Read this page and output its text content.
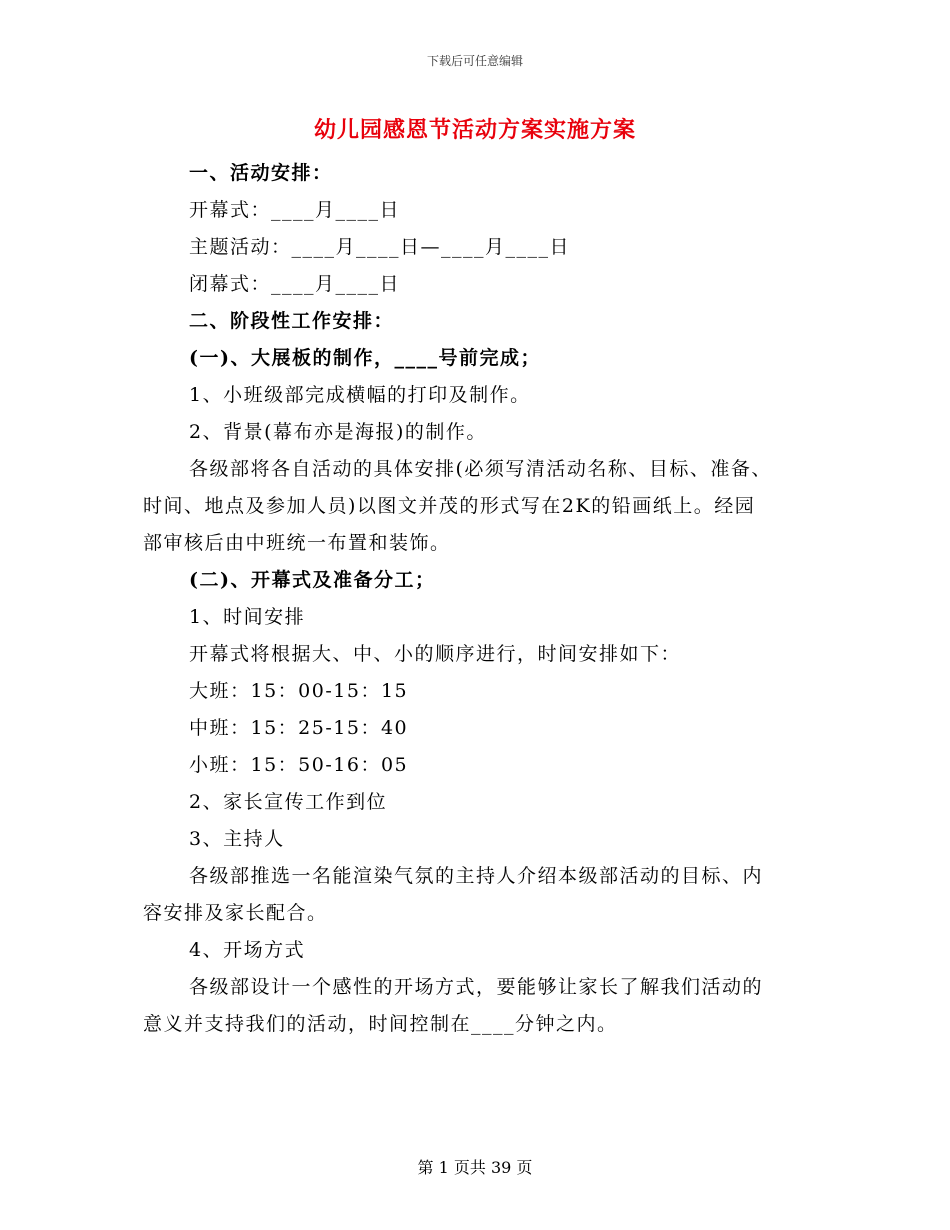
下载后可任意编辑
幼儿园感恩节活动方案实施方案
一、活动安排：
开幕式：____月____日
主题活动：____月____日—____月____日
闭幕式：____月____日
二、阶段性工作安排：
(一)、大展板的制作，____号前完成；
1、小班级部完成横幅的打印及制作。
2、背景(幕布亦是海报)的制作。
各级部将各自活动的具体安排(必须写清活动名称、目标、准备、
时间、地点及参加人员)以图文并茂的形式写在2K的铅画纸上。经园
部审核后由中班统一布置和装饰。
(二)、开幕式及准备分工；
1、时间安排
开幕式将根据大、中、小的顺序进行，时间安排如下：
大班：15：00-15：15
中班：15：25-15：40
小班：15：50-16：05
2、家长宣传工作到位
3、主持人
各级部推选一名能渲染气氛的主持人介绍本级部活动的目标、内
容安排及家长配合。
4、开场方式
各级部设计一个感性的开场方式，要能够让家长了解我们活动的
意义并支持我们的活动，时间控制在____分钟之内。
第 1 页共 39 页
